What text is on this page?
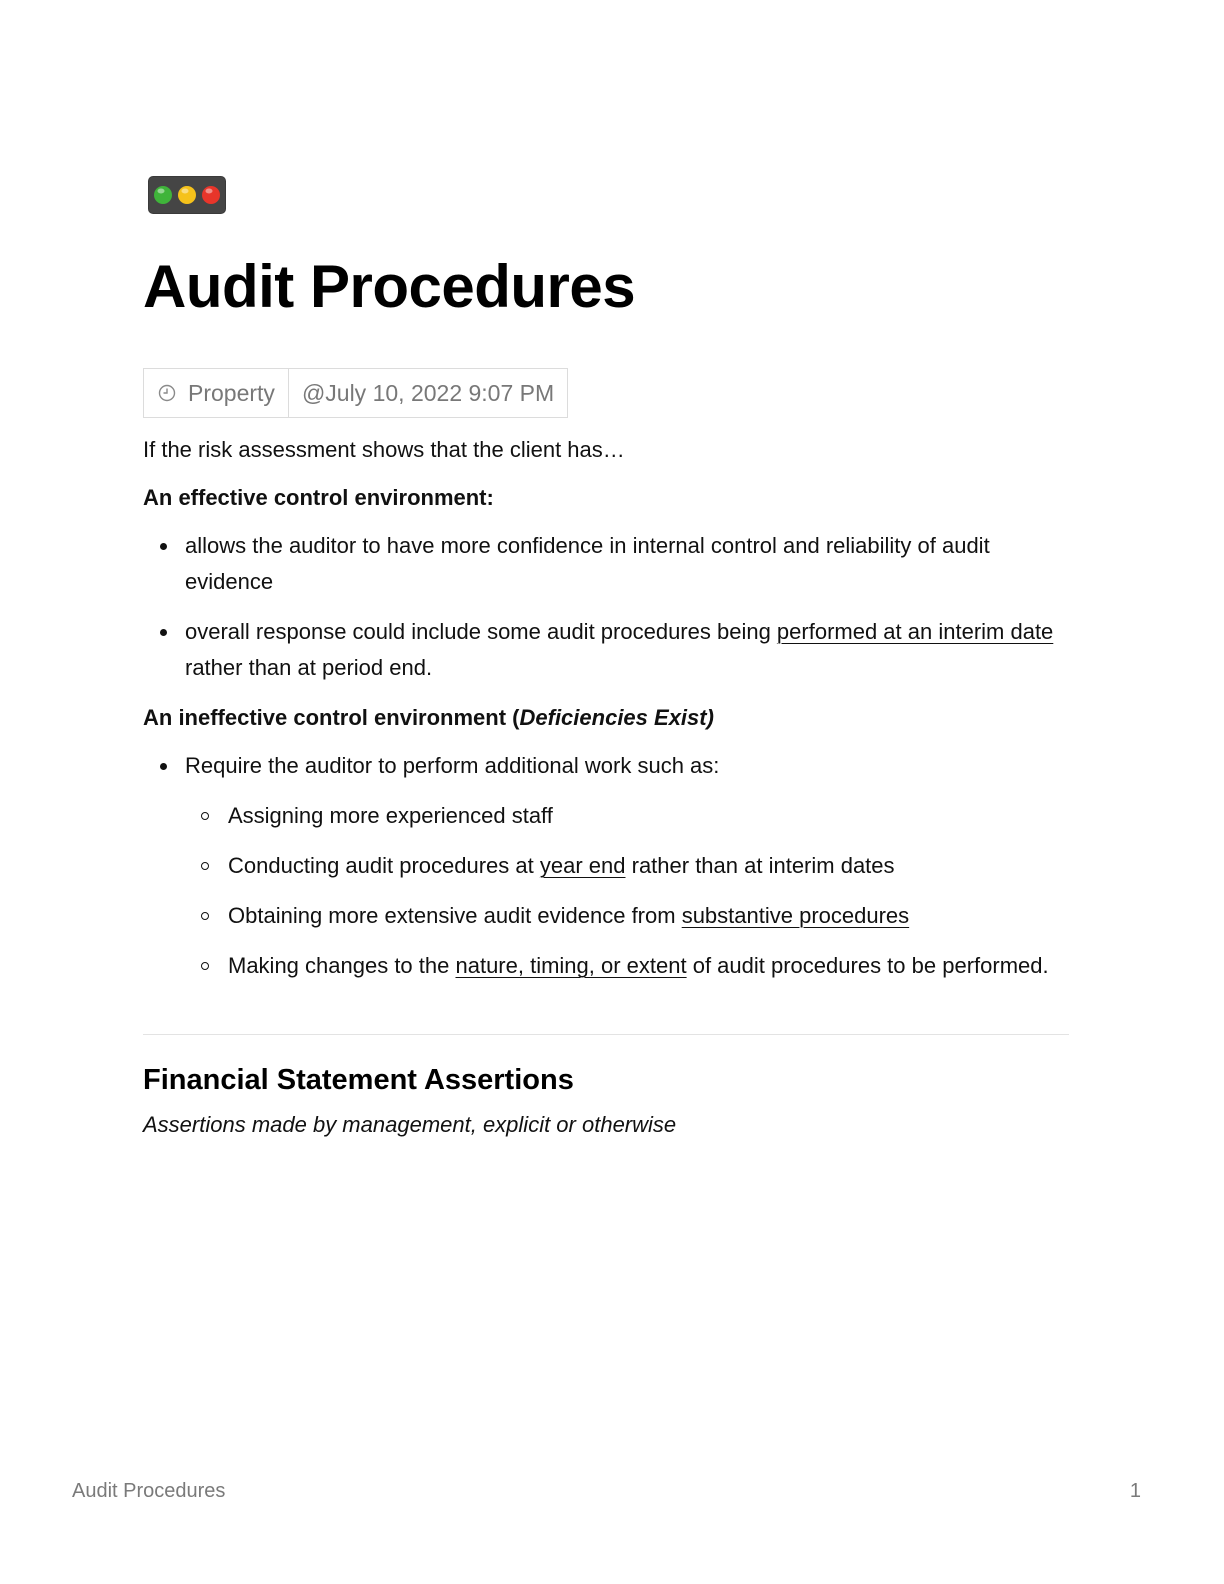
Audit Procedures
Property @July 10, 2022 9:07 PM

If the risk assessment shows that the client has…

An effective control environment:

allows the auditor to have more confidence in internal control and reliability of audit evidence
overall response could include some audit procedures being performed at an interim date rather than at period end.

An ineffective control environment (Deficiencies Exist)

Require the auditor to perform additional work such as:
Assigning more experienced staff
Conducting audit procedures at year end rather than at interim dates
Obtaining more extensive audit evidence from substantive procedures
Making changes to the nature, timing, or extent of audit procedures to be performed.
Financial Statement Assertions

Assertions made by management, explicit or otherwise

Audit Procedures	1
